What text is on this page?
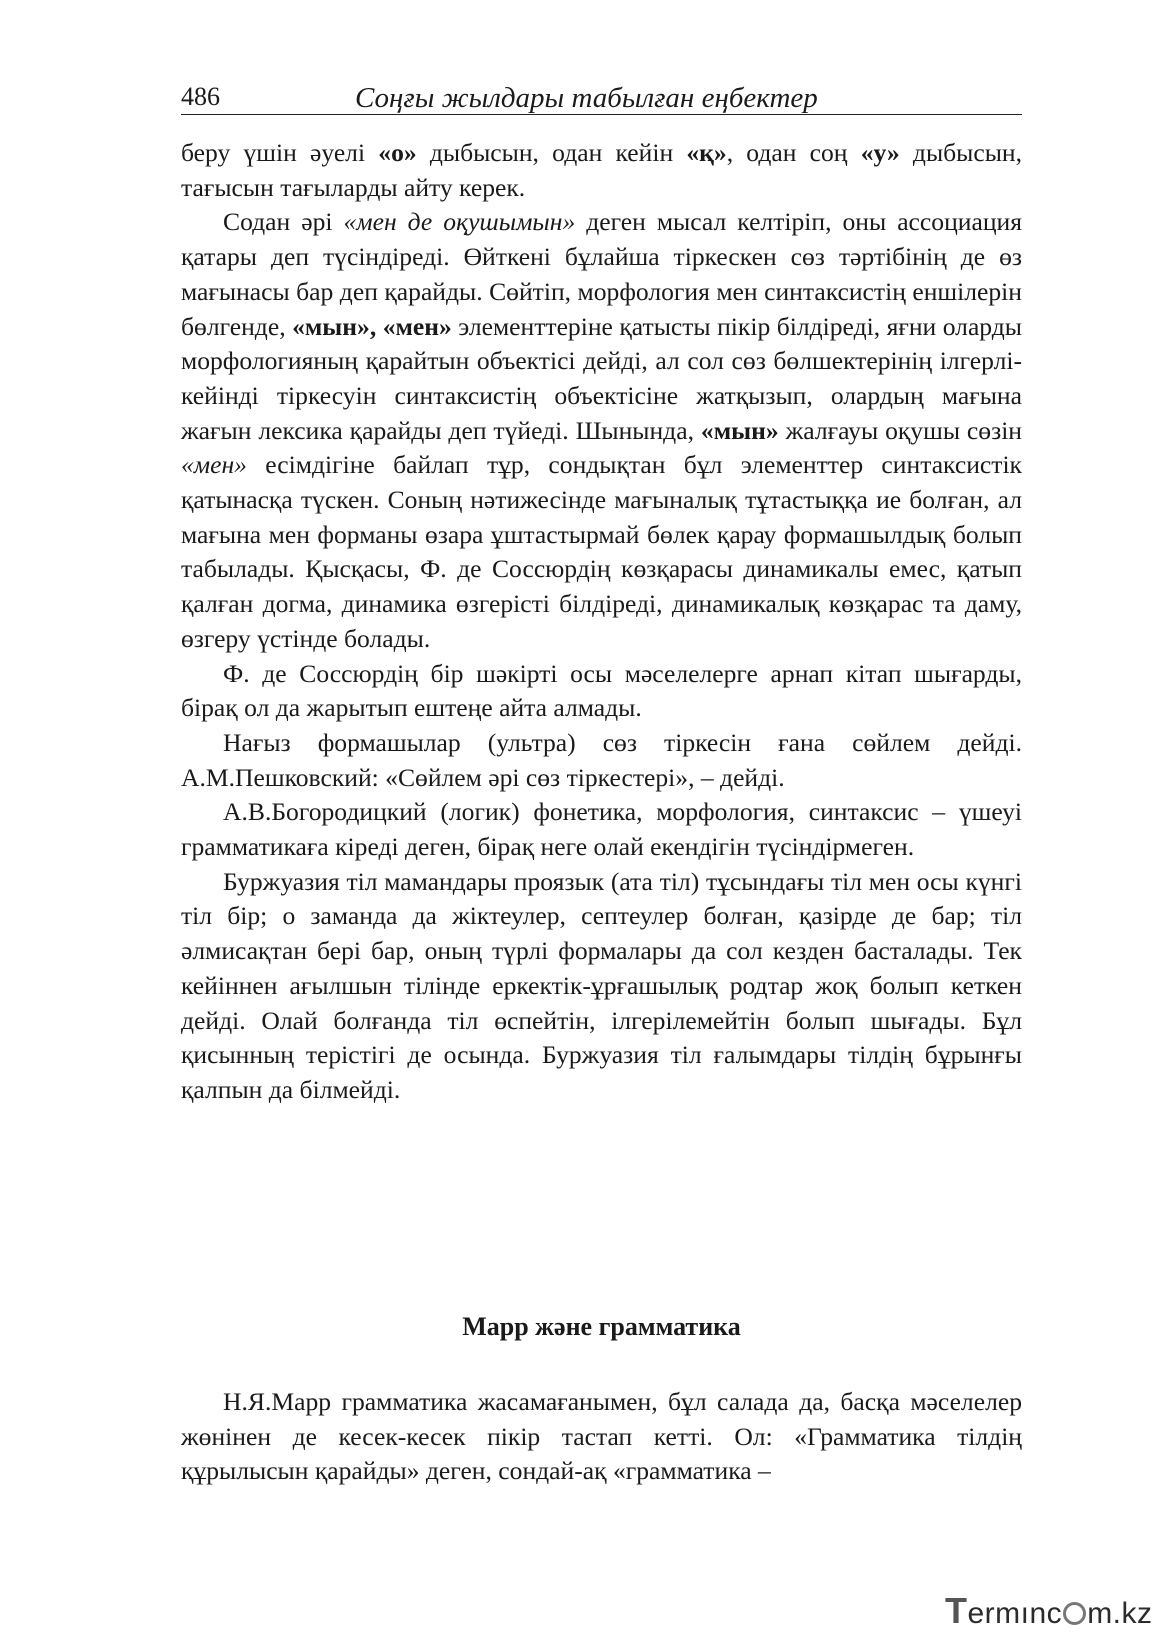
486	Соңғы жылдары табылған еңбектер

беру үшін әуелі «о» дыбысын, одан кейін «қ», одан соң «у» дыбысын, тағысын тағыларды айту керек.

Содан әрі «мен де оқушымын» деген мысал келтіріп, оны ассоциация қатары деп түсіндіреді. Өйткені бұлайша тіркескен сөз тәртібінің де өз мағынасы бар деп қарайды. Сөйтіп, морфология мен синтаксистің еншілерін бөлгенде, «мын», «мен» элементтеріне қатысты пікір білдіреді, яғни оларды морфологияның қарайтын объектісі дейді, ал сол сөз бөлшектерінің ілгерлі-кейінді тіркесуін синтаксистің объектісіне жатқызып, олардың мағына жағын лексика қарайды деп түйеді. Шынында, «мын» жалғауы оқушы сөзін «мен» есімдігіне байлап тұр, сондықтан бұл элементтер синтаксистік қатынасқа түскен. Соның нәтижесінде мағыналық тұтастыққа ие болған, ал мағына мен форманы өзара ұштастырмай бөлек қарау формашылдық болып табылады. Қысқасы, Ф. де Соссюрдің көзқарасы динамикалы емес, қатып қалған догма, динамика өзгерісті білдіреді, динамикалық көзқарас та даму, өзгеру үстінде болады.

Ф. де Соссюрдің бір шәкірті осы мәселелерге арнап кітап шығарды, бірақ ол да жарытып ештеңе айта алмады.

Нағыз формашылар (ультра) сөз тіркесін ғана сөйлем дейді. А.М.Пешковский: «Сөйлем әрі сөз тіркестері», – дейді.

А.В.Богородицкий (логик) фонетика, морфология, синтаксис – үшеуі грамматикаға кіреді деген, бірақ неге олай екендігін түсіндірмеген.

Буржуазия тіл мамандары проязык (ата тіл) тұсындағы тіл мен осы күнгі тіл бір; о заманда да жіктеулер, септеулер болған, қазірде де бар; тіл әлмисақтан бері бар, оның түрлі формалары да сол кезден басталады. Тек кейіннен ағылшын тілінде еркектік-ұрғашылық родтар жоқ болып кеткен дейді. Олай болғанда тіл өспейтін, ілгерілемейтін болып шығады. Бұл қисынның терістігі де осында. Буржуазия тіл ғалымдары тілдің бұрынғы қалпын да білмейді.

Марр және грамматика

Н.Я.Марр грамматика жасамағанымен, бұл салада да, басқа мәселелер жөнінен де кесек-кесек пікір тастап кетті. Ол: «Грамматика тілдің құрылысын қарайды» деген, сондай-ақ «грамматика –

Termınc m.kz
